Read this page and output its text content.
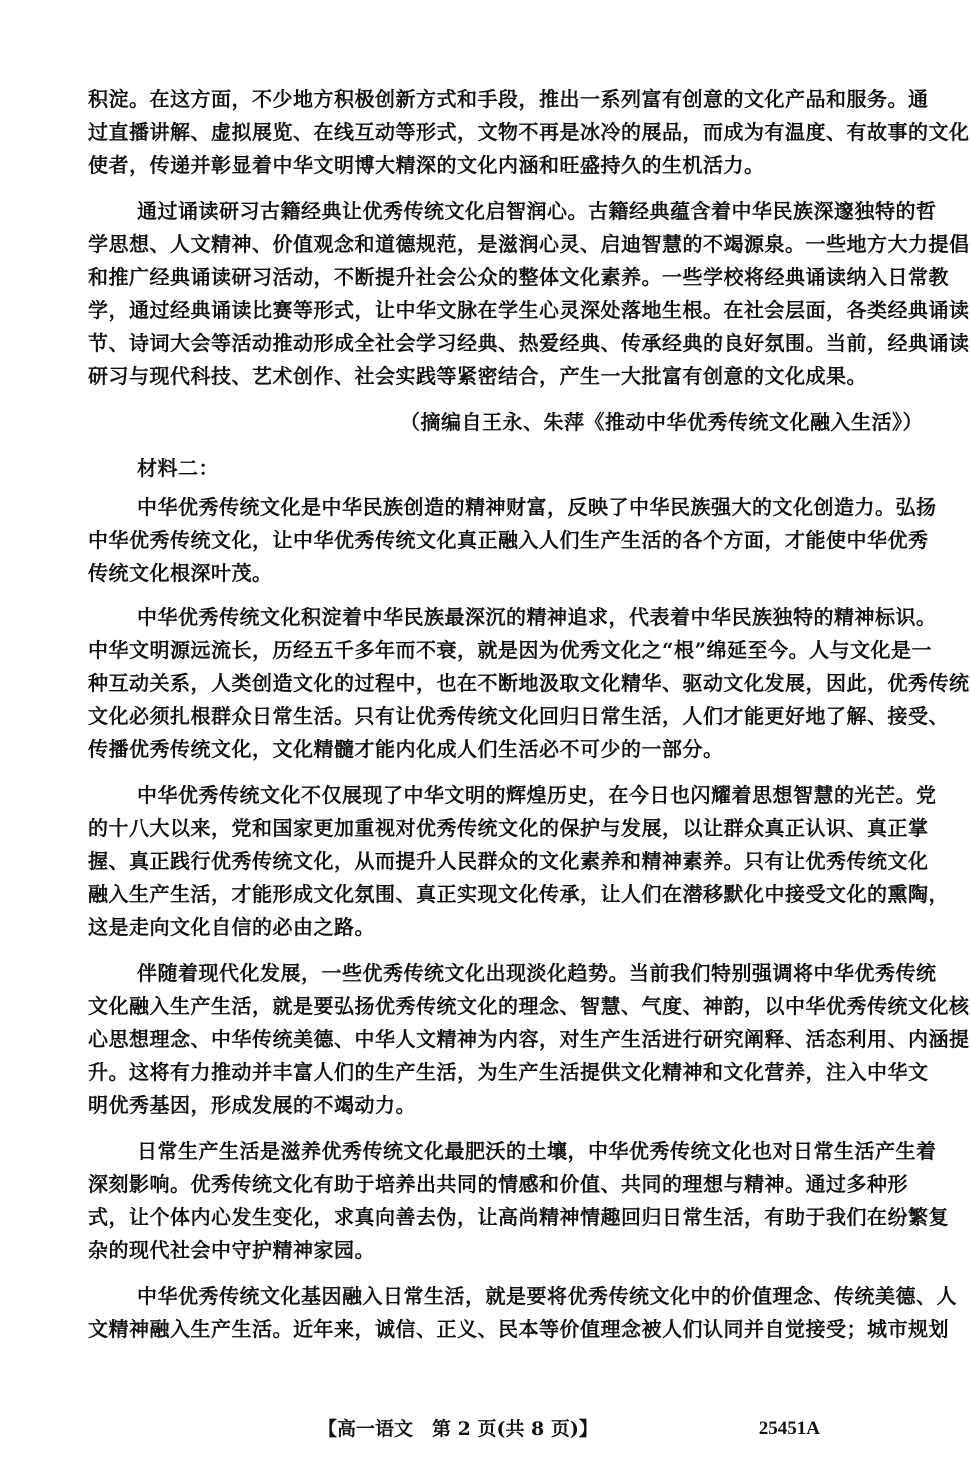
积淀。在这方面，不少地方积极创新方式和手段，推出一系列富有创意的文化产品和服务。通
过直播讲解、虚拟展览、在线互动等形式，文物不再是冰冷的展品，而成为有温度、有故事的文化
使者，传递并彰显着中华文明博大精深的文化内涵和旺盛持久的生机活力。
通过诵读研习古籍经典让优秀传统文化启智润心。古籍经典蕴含着中华民族深邃独特的哲
学思想、人文精神、价值观念和道德规范，是滋润心灵、启迪智慧的不竭源泉。一些地方大力提倡
和推广经典诵读研习活动，不断提升社会公众的整体文化素养。一些学校将经典诵读纳入日常教
学，通过经典诵读比赛等形式，让中华文脉在学生心灵深处落地生根。在社会层面，各类经典诵读
节、诗词大会等活动推动形成全社会学习经典、热爱经典、传承经典的良好氛围。当前，经典诵读
研习与现代科技、艺术创作、社会实践等紧密结合，产生一大批富有创意的文化成果。
（摘编自王永、朱萍《推动中华优秀传统文化融入生活》）
材料二：
中华优秀传统文化是中华民族创造的精神财富，反映了中华民族强大的文化创造力。弘扬
中华优秀传统文化，让中华优秀传统文化真正融入人们生产生活的各个方面，才能使中华优秀
传统文化根深叶茂。
中华优秀传统文化积淀着中华民族最深沉的精神追求，代表着中华民族独特的精神标识。
中华文明源远流长，历经五千多年而不衰，就是因为优秀文化之“根”绵延至今。人与文化是一
种互动关系，人类创造文化的过程中，也在不断地汲取文化精华、驱动文化发展，因此，优秀传统
文化必须扎根群众日常生活。只有让优秀传统文化回归日常生活，人们才能更好地了解、接受、
传播优秀传统文化，文化精髓才能内化成人们生活必不可少的一部分。
中华优秀传统文化不仅展现了中华文明的辉煌历史，在今日也闪耀着思想智慧的光芒。党
的十八大以来，党和国家更加重视对优秀传统文化的保护与发展，以让群众真正认识、真正掌
握、真正践行优秀传统文化，从而提升人民群众的文化素养和精神素养。只有让优秀传统文化
融入生产生活，才能形成文化氛围、真正实现文化传承，让人们在潜移默化中接受文化的熏陶，
这是走向文化自信的必由之路。
伴随着现代化发展，一些优秀传统文化出现淡化趋势。当前我们特别强调将中华优秀传统
文化融入生产生活，就是要弘扬优秀传统文化的理念、智慧、气度、神韵，以中华优秀传统文化核
心思想理念、中华传统美德、中华人文精神为内容，对生产生活进行研究阐释、活态利用、内涵提
升。这将有力推动并丰富人们的生产生活，为生产生活提供文化精神和文化营养，注入中华文
明优秀基因，形成发展的不竭动力。
日常生产生活是滋养优秀传统文化最肥沃的土壤，中华优秀传统文化也对日常生活产生着
深刻影响。优秀传统文化有助于培养出共同的情感和价值、共同的理想与精神。通过多种形
式，让个体内心发生变化，求真向善去伪，让高尚精神情趣回归日常生活，有助于我们在纷繁复
杂的现代社会中守护精神家园。
中华优秀传统文化基因融入日常生活，就是要将优秀传统文化中的价值理念、传统美德、人
文精神融入生产生活。近年来，诚信、正义、民本等价值理念被人们认同并自觉接受；城市规划
【高一语文　第 2 页(共 8 页)】	25451A
